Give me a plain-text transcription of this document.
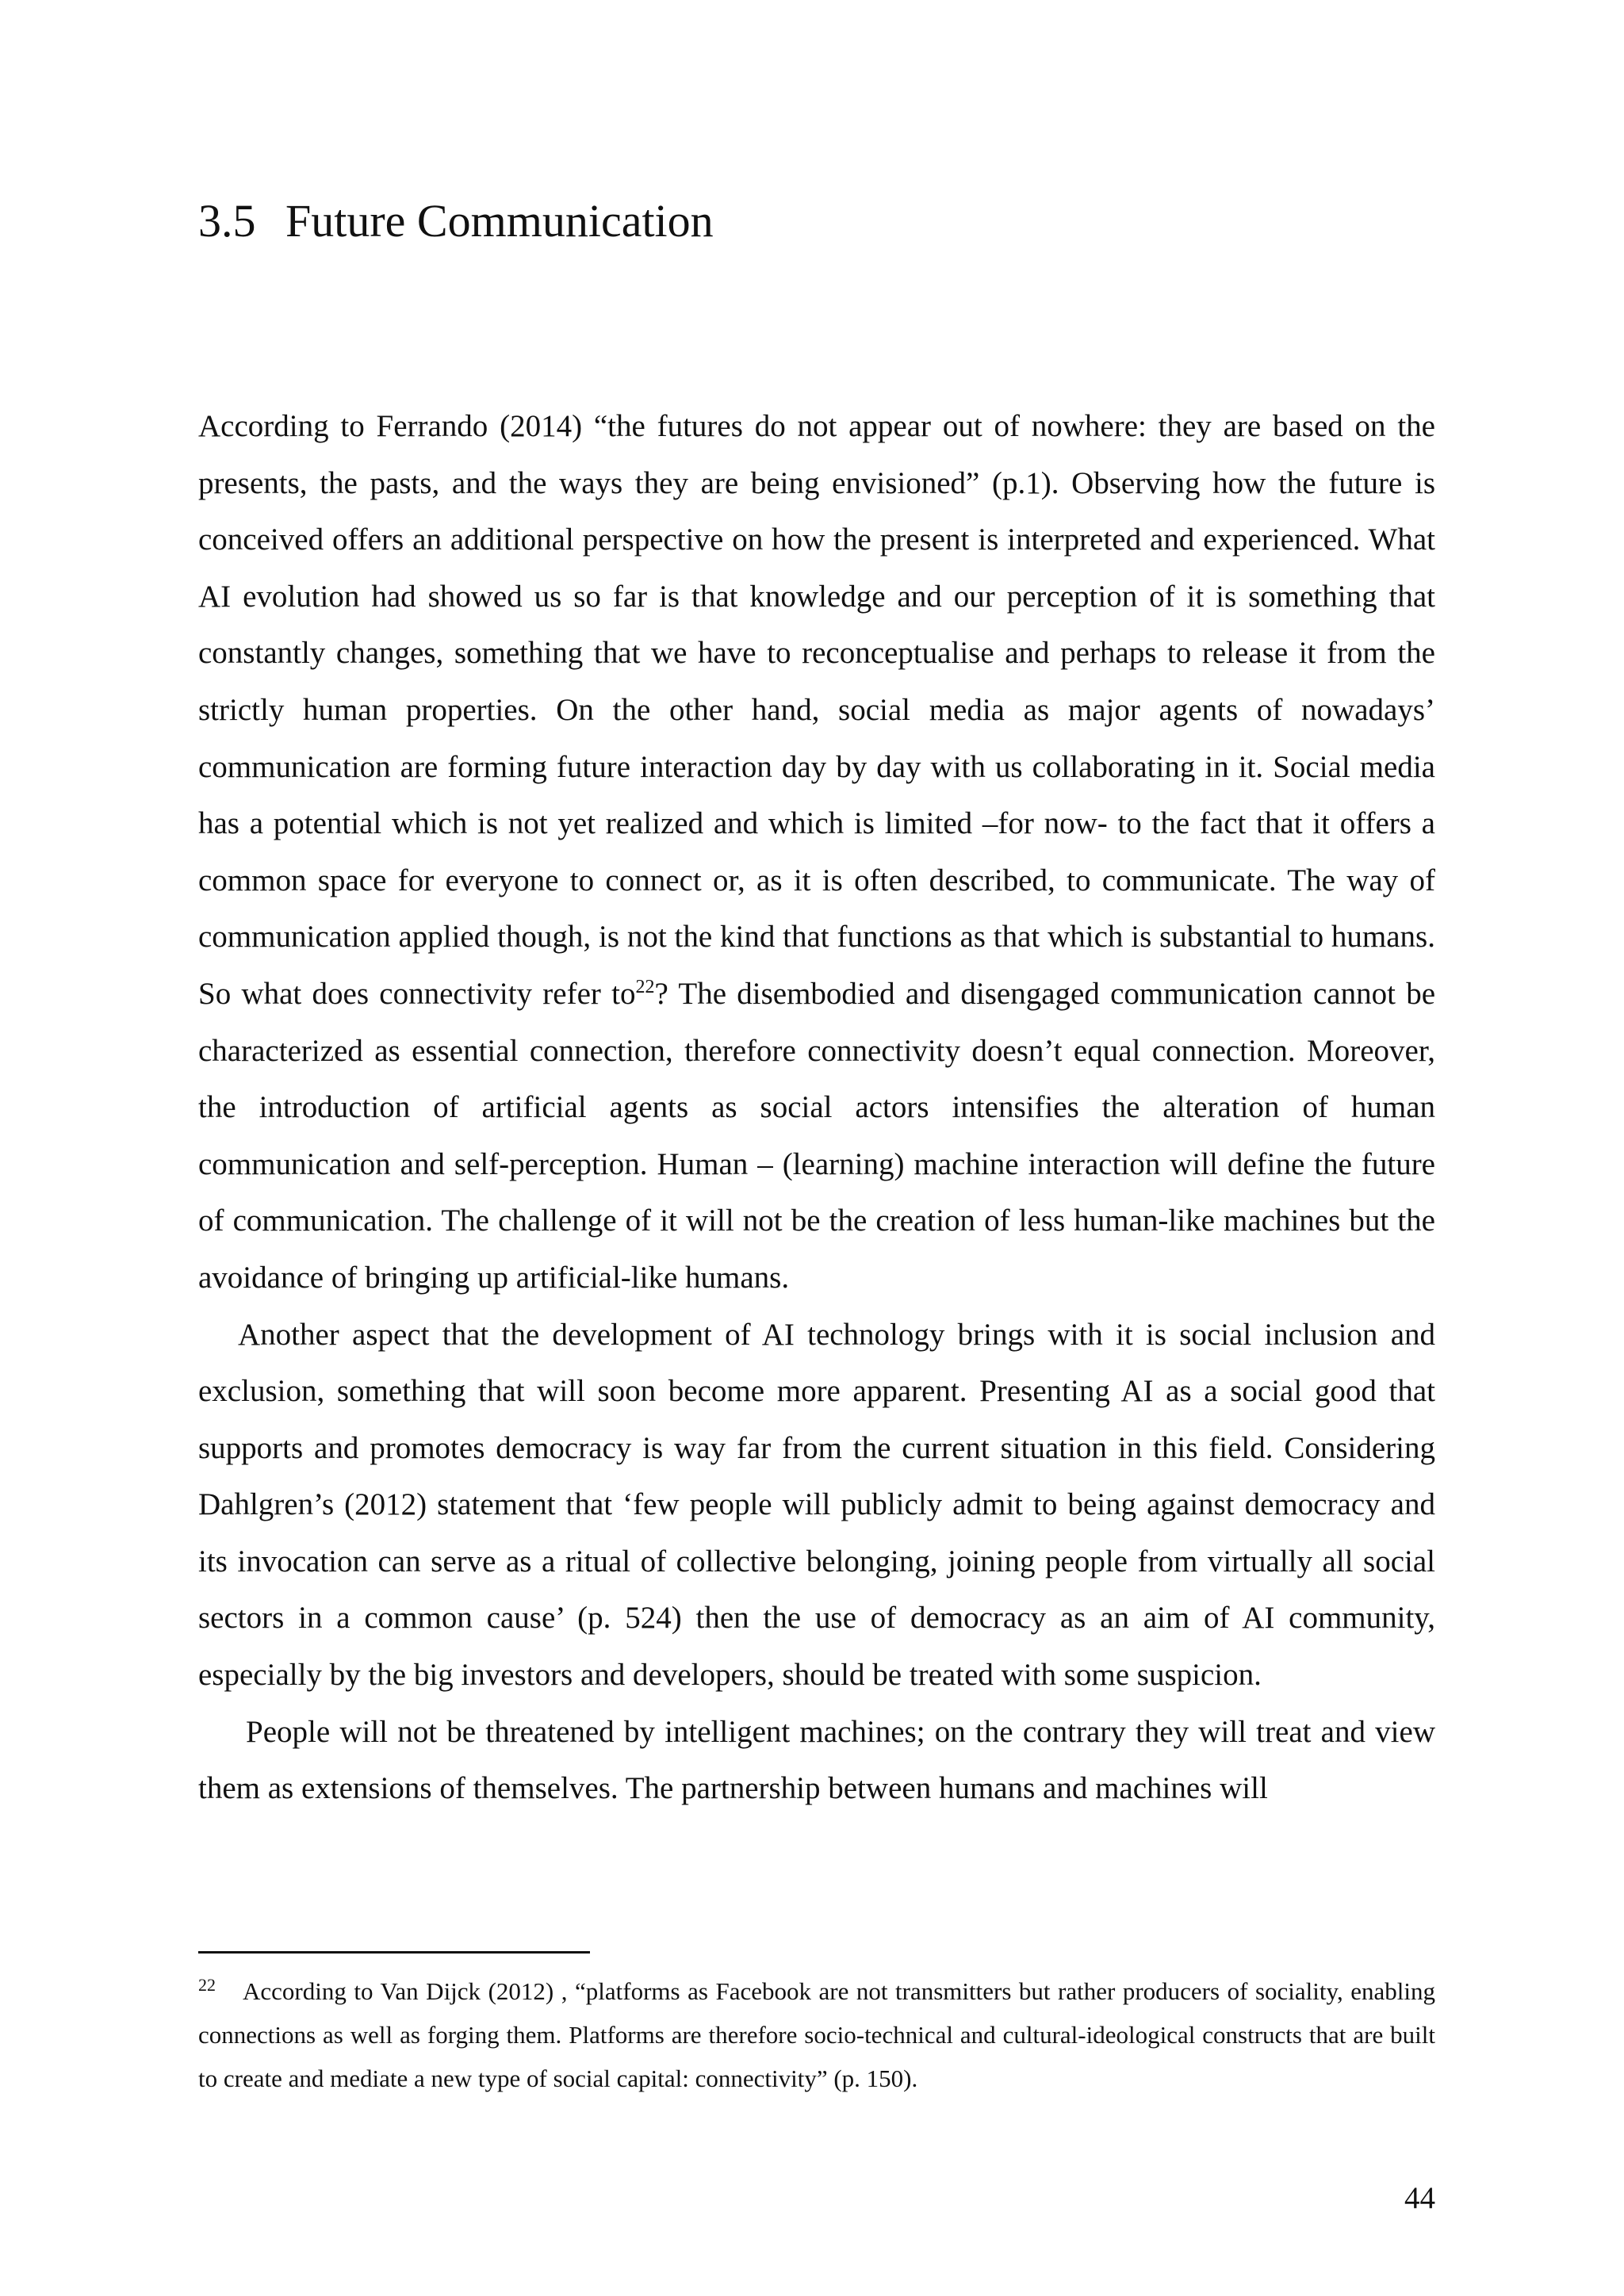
3.5 Future Communication

According to Ferrando (2014) “the futures do not appear out of nowhere: they are based on the presents, the pasts, and the ways they are being envisioned” (p.1). Observing how the future is conceived offers an additional perspective on how the present is interpreted and experienced. What AI evolution had showed us so far is that knowledge and our perception of it is something that constantly changes, something that we have to reconceptualise and perhaps to release it from the strictly human properties. On the other hand, social media as major agents of nowadays’ communication are forming future interaction day by day with us collaborating in it. Social media has a potential which is not yet realized and which is limited –for now- to the fact that it offers a common space for everyone to connect or, as it is often described, to communicate. The way of communication applied though, is not the kind that functions as that which is substantial to humans. So what does connectivity refer to$^{22}$? The disembodied and disengaged communication cannot be characterized as essential connection, therefore connectivity doesn’t equal connection. Moreover, the introduction of artificial agents as social actors intensifies the alteration of human communication and self-perception. Human – (learning) machine interaction will define the future of communication. The challenge of it will not be the creation of less human-like machines but the avoidance of bringing up artificial-like humans.

Another aspect that the development of AI technology brings with it is social inclusion and exclusion, something that will soon become more apparent. Presenting AI as a social good that supports and promotes democracy is way far from the current situation in this field. Considering Dahlgren’s (2012) statement that ‘few people will publicly admit to being against democracy and its invocation can serve as a ritual of collective belonging, joining people from virtually all social sectors in a common cause’ (p. 524) then the use of democracy as an aim of AI community, especially by the big investors and developers, should be treated with some suspicion.

People will not be threatened by intelligent machines; on the contrary they will treat and view them as extensions of themselves. The partnership between humans and machines will

$^{22}$ According to Van Dijck (2012) , “platforms as Facebook are not transmitters but rather producers of sociality, enabling connections as well as forging them. Platforms are therefore socio-technical and cultural-ideological constructs that are built to create and mediate a new type of social capital: connectivity” (p. 150).

44
